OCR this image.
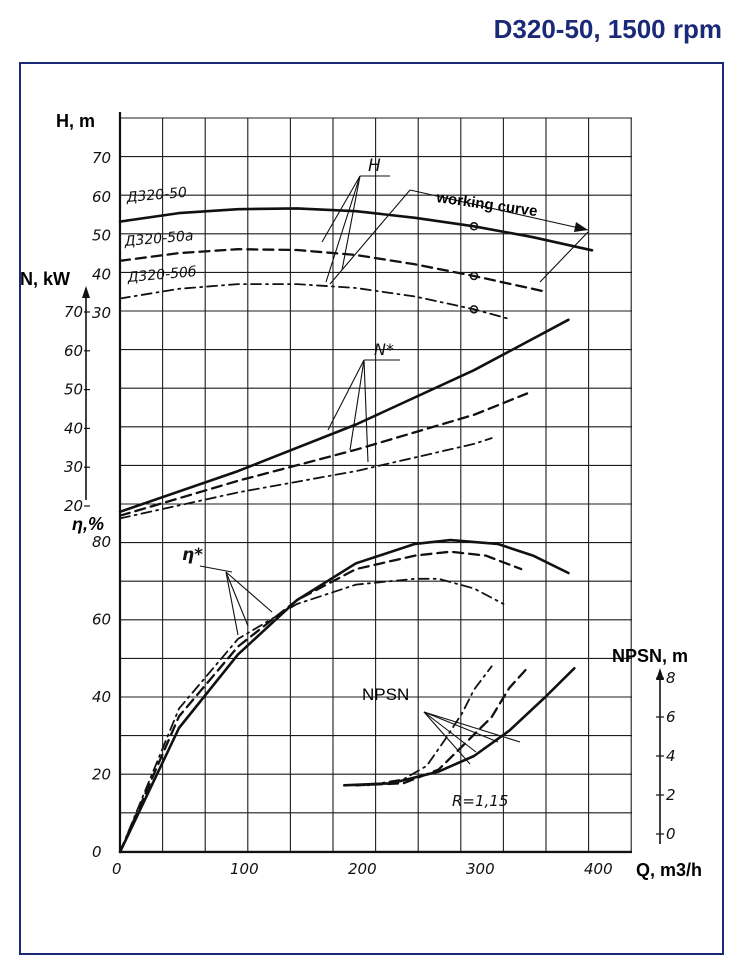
D320-50, 1500 rpm
0	100	200	300	400
30
40
50
60
70
20
30
40
50
60
70
0
20
40
60
80
0
2
4
6
8
H, m
N, kW
η,%
NPSN, m
Q, m3/h
H
N*
η*
NPSN
R=1,15
working curve
Д320-50
Д320-50а
Д320-50б
